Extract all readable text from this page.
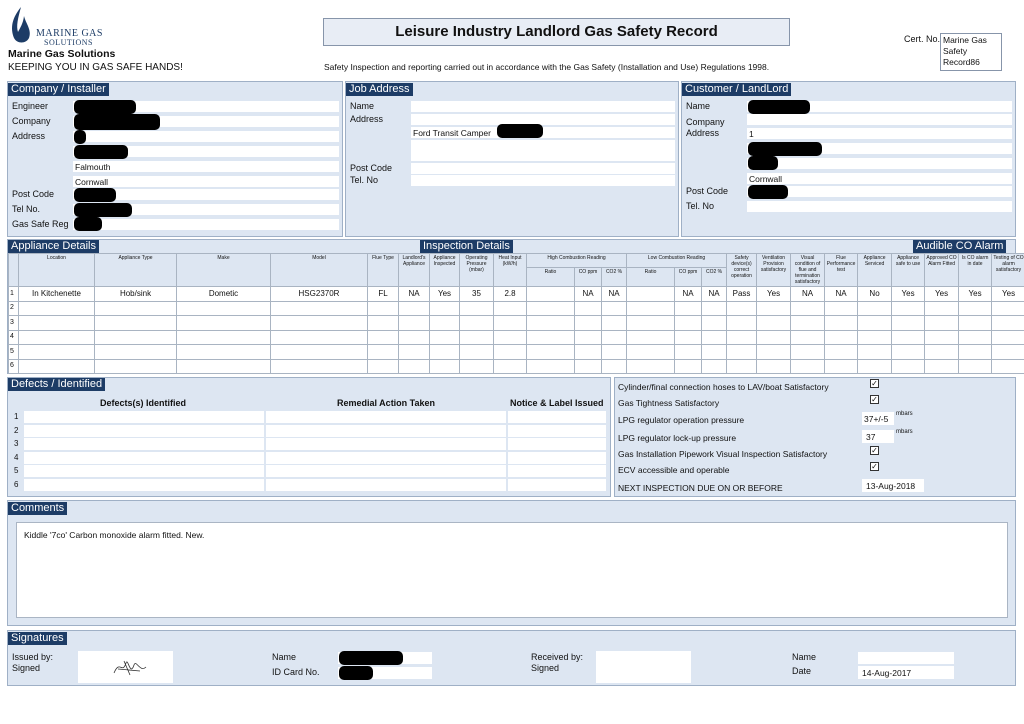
MARINE GAS
SOLUTIONS
Marine Gas Solutions
KEEPING YOU IN GAS SAFE HANDS!
Leisure Industry Landlord Gas Safety Record
Safety Inspection and reporting carried out in accordance with the Gas Safety (Installation and Use) Regulations 1998.
Cert. No. Marine Gas Safety Record86
Company / Installer
Engineer
Company
Address
Falmouth
Cornwall
Post Code
Tel No.
Gas Safe Reg
Job Address
Name
Address
Ford Transit Camper
Post Code
Tel. No
Customer / LandLord
Name
Company
Address	1
Cornwall
Post Code
Tel. No
Appliance Details	Inspection Details	Audible CO Alarm
	Location	Appliance Type	Make	Model	Flue Type	Landlord's Appliance	Appliance Inspected	Operating Pressure (mbar)	Heat Input (kW/h)	High Combustion Reading			Low Combustion Reading			Safety device(s) correct operation	Ventilation Provision satisfactory	Visual condition of flue and termination satisfactory	Flue Performance test	Appliance Serviced	Appliance safe to use	Approved CO Alarm Fitted	Is CO alarm in date	Testing of CO alarm satisfactory
										Ratio	CO ppm	CO2 %	Ratio	CO ppm	CO2 %									
1	In Kitchenette	Hob/sink	Dometic	HSG2370R	FL	NA	Yes	35	2.8		NA	NA		NA	NA	Pass	Yes	NA	NA	No	Yes	Yes	Yes	Yes
2																								
3																								
4																								
5																								
6																								
Defects / Identified
Defects(s) Identified	Remedial Action Taken	Notice & Label Issued
1
2
3
4
5
6
Cylinder/final connection hoses to LAV/boat Satisfactory	✓
Gas Tightness Satisfactory	✓
LPG regulator operation pressure	37+/-5 mbars
LPG regulator lock-up pressure	37	mbars
Gas Installation Pipework Visual Inspection Satisfactory	✓
ECV accessible and operable	✓
NEXT INSPECTION DUE ON OR BEFORE	13-Aug-2018
Comments
Kiddle '7co' Carbon monoxide alarm fitted. New.
Signatures
Issued by:
Signed
Name
ID Card No.
Received by:
Signed
Name
Date	14-Aug-2017
